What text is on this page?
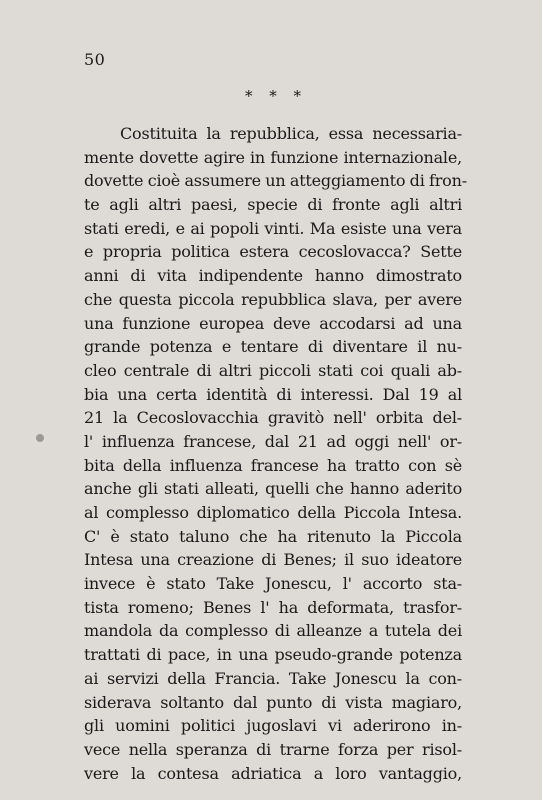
50
* * *
Costituita la repubblica, essa necessaria-
mente dovette agire in funzione internazionale,
dovette cioè assumere un atteggiamento di fron-
te agli altri paesi, specie di fronte agli altri
stati eredi, e ai popoli vinti. Ma esiste una vera
e propria politica estera cecoslovacca? Sette
anni di vita indipendente hanno dimostrato
che questa piccola repubblica slava, per avere
una funzione europea deve accodarsi ad una
grande potenza e tentare di diventare il nu-
cleo centrale di altri piccoli stati coi quali ab-
bia una certa identità di interessi. Dal 19 al
21 la Cecoslovacchia gravitò nell' orbita del-
l' influenza francese, dal 21 ad oggi nell' or-
bita della influenza francese ha tratto con sè
anche gli stati alleati, quelli che hanno aderito
al complesso diplomatico della Piccola Intesa.
C' è stato taluno che ha ritenuto la Piccola
Intesa una creazione di Benes; il suo ideatore
invece è stato Take Jonescu, l' accorto sta-
tista romeno; Benes l' ha deformata, trasfor-
mandola da complesso di alleanze a tutela dei
trattati di pace, in una pseudo-grande potenza
ai servizi della Francia. Take Jonescu la con-
siderava soltanto dal punto di vista magiaro,
gli uomini politici jugoslavi vi aderirono in-
vece nella speranza di trarne forza per risol-
vere la contesa adriatica a loro vantaggio,
